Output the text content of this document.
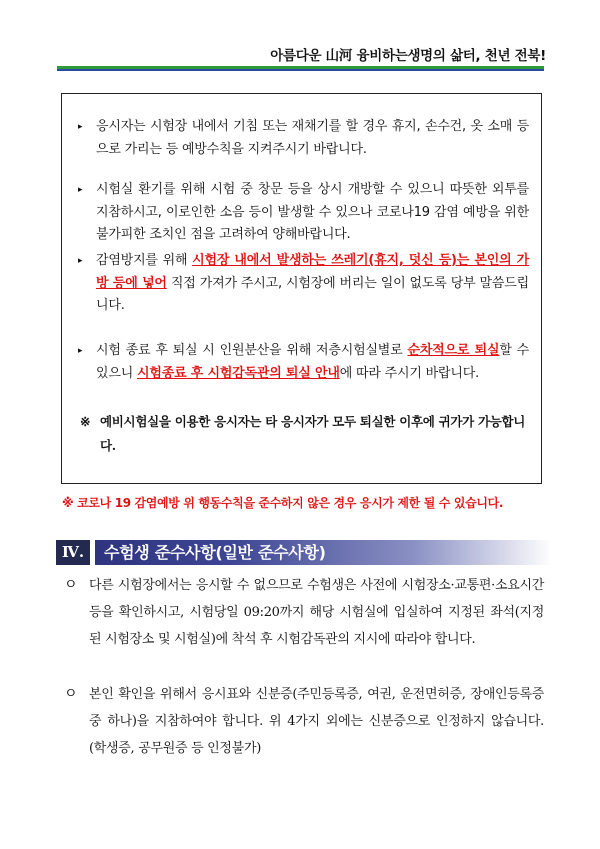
아름다운 山河 융비하는생명의 삶터, 천년 전북!
▸	응시자는 시험장 내에서 기침 또는 재채기를 할 경우 휴지, 손수건, 옷 소매 등으로 가리는 등 예방수칙을 지켜주시기 바랍니다.
▸	시험실 환기를 위해 시험 중 창문 등을 상시 개방할 수 있으니 따뜻한 외투를 지참하시고, 이로인한 소음 등이 발생할 수 있으나 코로나19 감염 예방을 위한 불가피한 조치인 점을 고려하여 양해바랍니다.
▸	감염방지를 위해 시험장 내에서 발생하는 쓰레기(휴지, 덧신 등)는 본인의 가방 등에 넣어 직접 가져가 주시고, 시험장에 버리는 일이 없도록 당부 말씀드립니다.
▸	시험 종료 후 퇴실 시 인원분산을 위해 저층시험실별로 순차적으로 퇴실할 수 있으니 시험종료 후 시험감독관의 퇴실 안내에 따라 주시기 바랍니다.
※ 예비시험실을 이용한 응시자는 타 응시자가 모두 퇴실한 이후에 귀가가 가능합니다.
※ 코로나 19 감염예방 위 행동수칙을 준수하지 않은 경우 응시가 제한 될 수 있습니다.
Ⅳ.	수험생 준수사항(일반 준수사항)
ㅇ 다른 시험장에서는 응시할 수 없으므로 수험생은 사전에 시험장소·교통편·소요시간 등을 확인하시고, 시험당일 09:20까지 해당 시험실에 입실하여 지정된 좌석(지정된 시험장소 및 시험실)에 착석 후 시험감독관의 지시에 따라야 합니다.
ㅇ 본인 확인을 위해서 응시표와 신분증(주민등록증, 여권, 운전면허증, 장애인등록증 중 하나)을 지참하여야 합니다. 위 4가지 외에는 신분증으로 인정하지 않습니다. (학생증, 공무원증 등 인정불가)
